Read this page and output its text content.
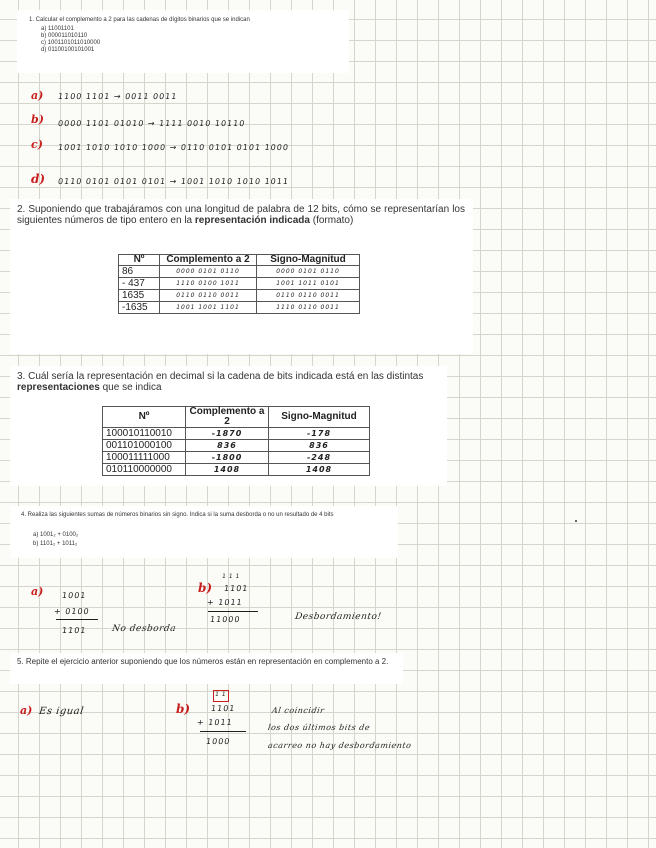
1. Calcular el complemento a 2 para las cadenas de dígitos binarios que se indican
a) 11001101
b) 000011010110
c) 1001101011010000
d) 01100100101001
a) 1100 1101 → 0011 0011
b) 0000 1101 01010 → 1111 0010 10110
c) 1001 1010 1010 1000 → 0110 0101 0101 1000
d) 0110 0101 0101 0101 → 1001 1010 1010 1011
2. Suponiendo que trabajáramos con una longitud de palabra de 12 bits, cómo se representarían los siguientes números de tipo entero en la representación indicada (formato)
Nº	Complemento a 2	Signo-Magnitud
86	0000 0101 0110	0000 0101 0110
- 437	1110 0100 1011	1001 1011 0101
1635	0110 0110 0011	0110 0110 0011
-1635	1001 1001 1101	1110 0110 0011
3. Cuál sería la representación en decimal si la cadena de bits indicada está en las distintas representaciones que se indica
Nº	Complemento a 2	Signo-Magnitud
100010110010	-1870	-178
001101000100	836	836
100011111000	-1800	-248
010110000000	1408	1408
4. Realiza las siguientes sumas de números binarios sin signo. Indica si la suma desborda o no un resultado de 4 bits
a) 1001₂ + 0100₂
b) 1101₂ + 1011₂
a) 1001
+ 0100
1101	No desborda
b)
1 1 1
1101
+ 1011
11000	Desbordamiento!
5. Repite el ejercicio anterior suponiendo que los números están en representación en complemento a 2.
a) Es igual	b)
1 1
1101
+ 1011
1000
Al coincidir
los dos últimos bits de
acarreo no hay desbordamiento
